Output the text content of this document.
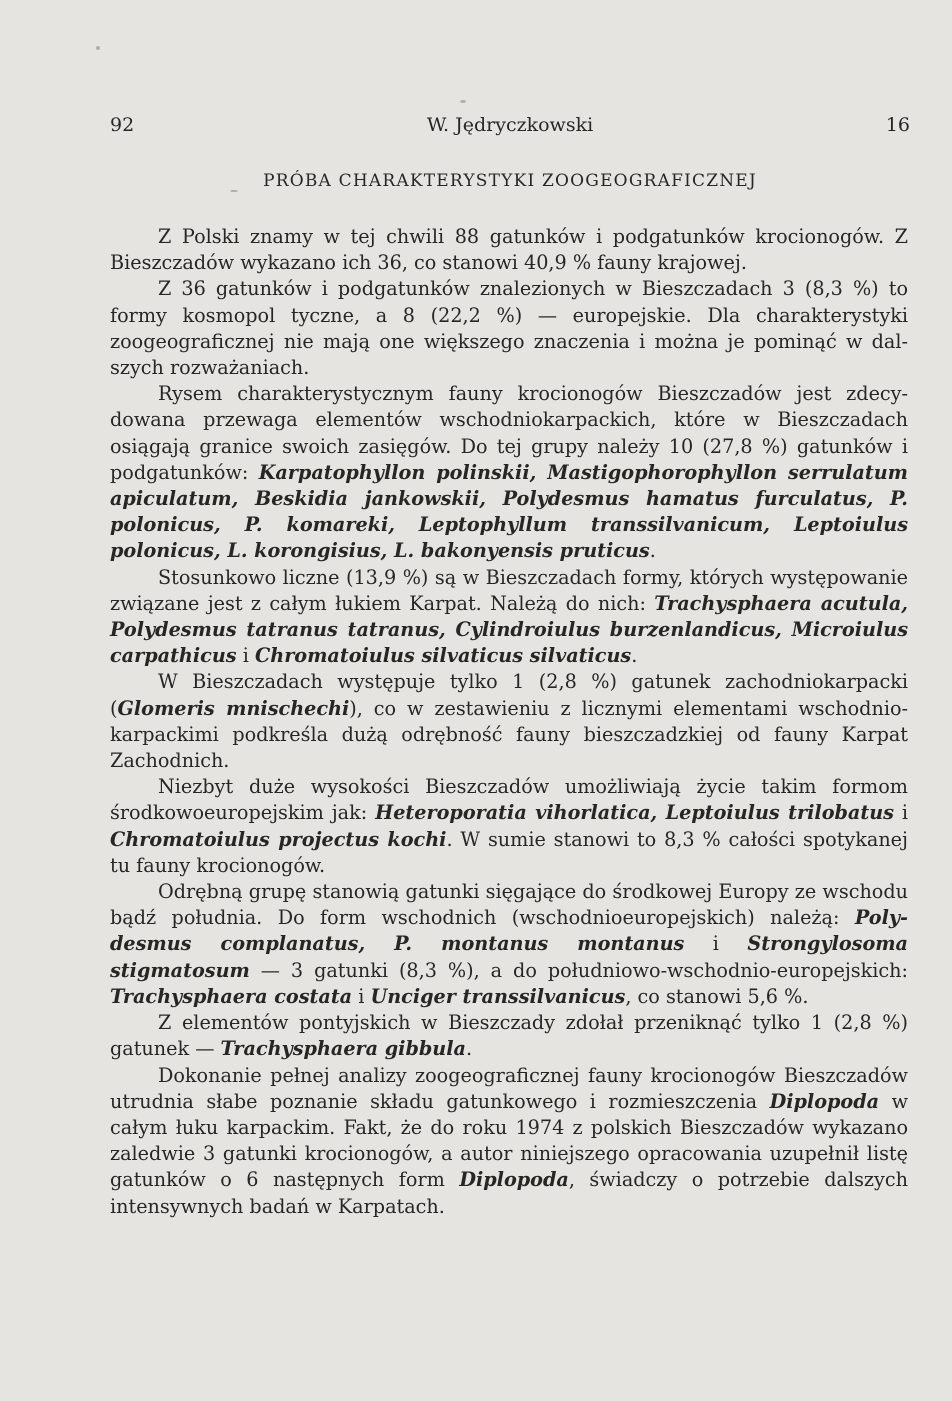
92	W. Jędryczkowski	16
PRÓBA CHARAKTERYSTYKI ZOOGEOGRAFICZNEJ

Z Polski znamy w tej chwili 88 gatunków i podgatunków krocionogów. Z Bieszczadów wykazano ich 36, co stanowi 40,9 % fauny krajowej.

Z 36 gatunków i podgatunków znalezionych w Bieszczadach 3 (8,3 %) to formy kosmopol tyczne, a 8 (22,2 %) — europejskie. Dla charakterystyki zoogeograficznej nie mają one większego znaczenia i można je pominąć w dalszych rozważaniach.

Rysem charakterystycznym fauny krocionogów Bieszczadów jest zdecydowana przewaga elementów wschodniokarpackich, które w Bieszczadach osiągają granice swoich zasięgów. Do tej grupy należy 10 (27,8 %) gatunków i podgatunków: Karpatophyllon polinskii, Mastigophorophyllon serrulatum apiculatum, Beskidia jankowskii, Polydesmus hamatus furculatus, P. polonicus, P. komareki, Leptophyllum transsilvanicum, Leptoiulus polonicus, L. korongisius, L. bakonyensis pruticus.

Stosunkowo liczne (13,9 %) są w Bieszczadach formy, których występowanie związane jest z całym łukiem Karpat. Należą do nich: Trachysphaera acutula, Polydesmus tatranus tatranus, Cylindroiulus burzenlandicus, Microiulus carpathicus i Chromatoiulus silvaticus silvaticus.

W Bieszczadach występuje tylko 1 (2,8 %) gatunek zachodniokarpacki (Glomeris mnischechi), co w zestawieniu z licznymi elementami wschodniokarpackimi podkreśla dużą odrębność fauny bieszczadzkiej od fauny Karpat Zachodnich.

Niezbyt duże wysokości Bieszczadów umożliwiają życie takim formom środkowoeuropejskim jak: Heteroporatia vihorlatica, Leptoiulus trilobatus i Chromatoiulus projectus kochi. W sumie stanowi to 8,3 % całości spotykanej tu fauny krocionogów.

Odrębną grupę stanowią gatunki sięgające do środkowej Europy ze wschodu bądź południa. Do form wschodnich (wschodnioeuropejskich) należą: Polydesmus complanatus, P. montanus montanus i Strongylosoma stigmatosum — 3 gatunki (8,3 %), a do południowo-wschodnio-europejskich: Trachysphaera costata i Unciger transsilvanicus, co stanowi 5,6 %.

Z elementów pontyjskich w Bieszczady zdołał przeniknąć tylko 1 (2,8 %) gatunek — Trachysphaera gibbula.

Dokonanie pełnej analizy zoogeograficznej fauny krocionogów Bieszczadów utrudnia słabe poznanie składu gatunkowego i rozmieszczenia Diplopoda w całym łuku karpackim. Fakt, że do roku 1974 z polskich Bieszczadów wykazano zaledwie 3 gatunki krocionogów, a autor niniejszego opracowania uzupełnił listę gatunków o 6 następnych form Diplopoda, świadczy o potrzebie dalszych intensywnych badań w Karpatach.
